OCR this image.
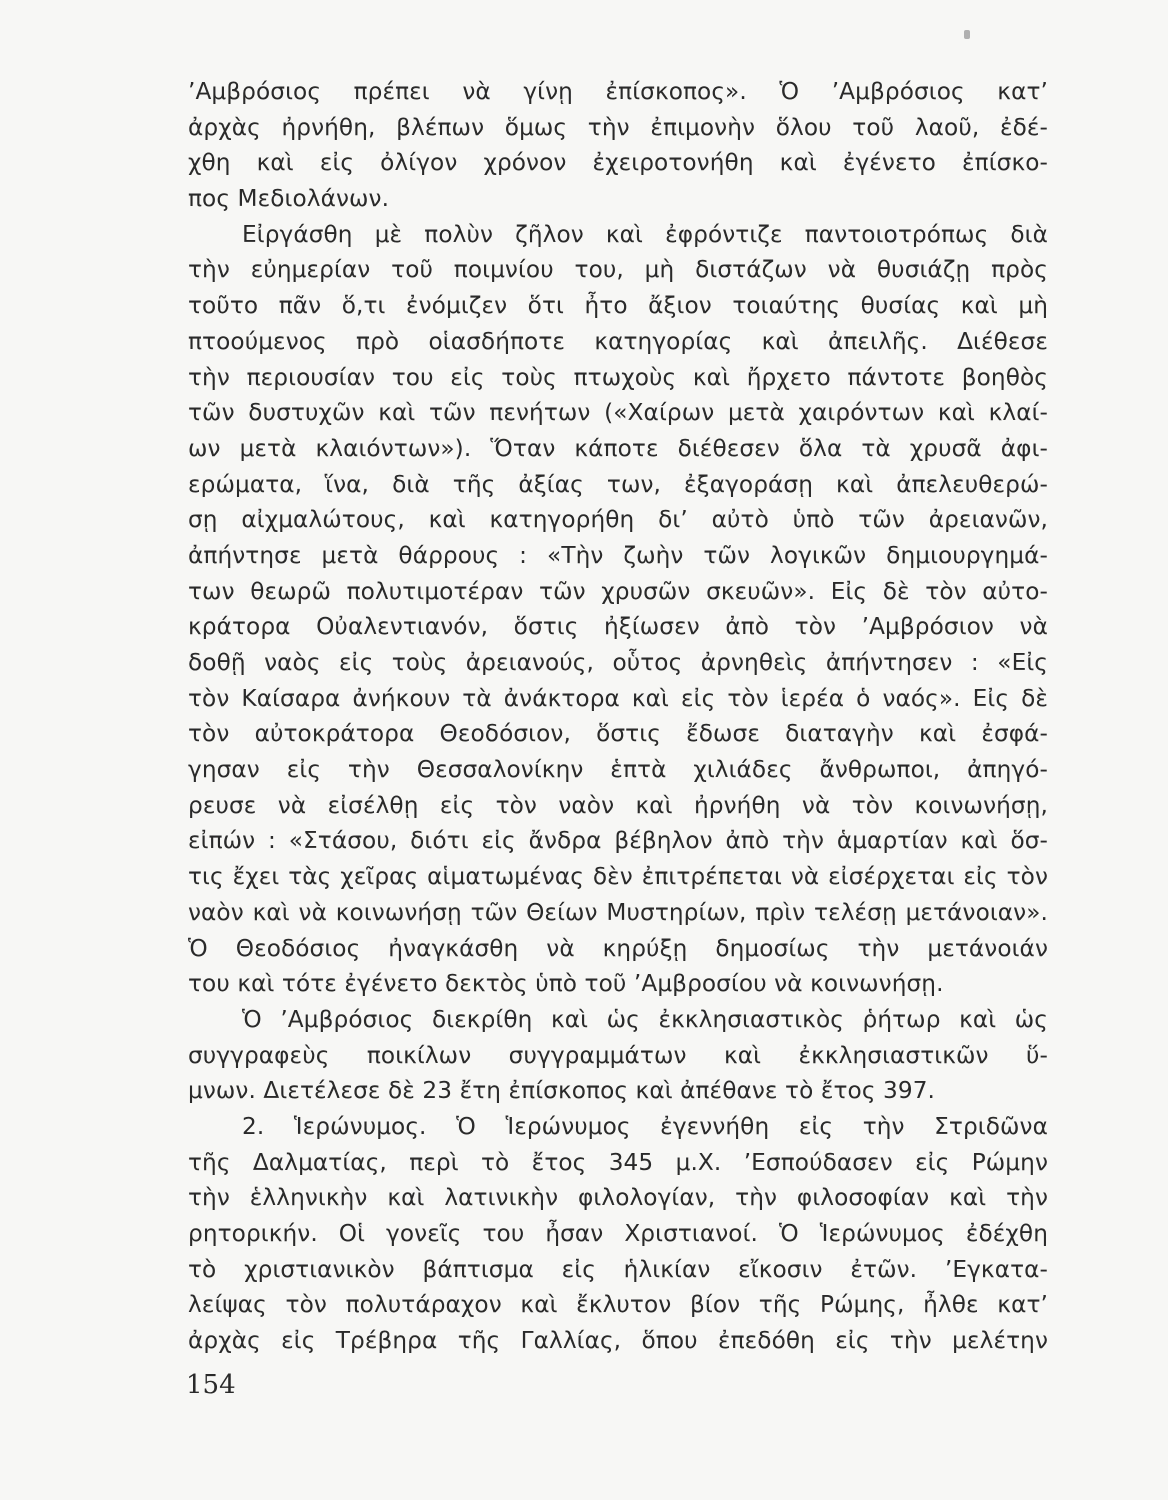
’Αμβρόσιος πρέπει νὰ γίνῃ ἐπίσκοπος». Ὁ ’Αμβρόσιος κατ’
ἀρχὰς ἠρνήθη, βλέπων ὅμως τὴν ἐπιμονὴν ὅλου τοῦ λαοῦ, ἐδέ-
χθη καὶ εἰς ὀλίγον χρόνον ἐχειροτονήθη καὶ ἐγένετο ἐπίσκο-
πος Μεδιολάνων.
Εἰργάσθη μὲ πολὺν ζῆλον καὶ ἐφρόντιζε παντοιοτρόπως διὰ
τὴν εὐημερίαν τοῦ ποιμνίου του, μὴ διστάζων νὰ θυσιάζῃ πρὸς
τοῦτο πᾶν ὅ,τι ἐνόμιζεν ὅτι ἦτο ἄξιον τοιαύτης θυσίας καὶ μὴ
πτοούμενος πρὸ οἱασδήποτε κατηγορίας καὶ ἀπειλῆς. Διέθεσε
τὴν περιουσίαν του εἰς τοὺς πτωχοὺς καὶ ἤρχετο πάντοτε βοηθὸς
τῶν δυστυχῶν καὶ τῶν πενήτων («Χαίρων μετὰ χαιρόντων καὶ κλαί-
ων μετὰ κλαιόντων»). Ὅταν κάποτε διέθεσεν ὅλα τὰ χρυσᾶ ἀφι-
ερώματα, ἵνα, διὰ τῆς ἀξίας των, ἐξαγοράσῃ καὶ ἀπελευθερώ-
σῃ αἰχμαλώτους, καὶ κατηγορήθη δι’ αὐτὸ ὑπὸ τῶν ἀρειανῶν,
ἀπήντησε μετὰ θάρρους : «Τὴν ζωὴν τῶν λογικῶν δημιουργημά-
των θεωρῶ πολυτιμοτέραν τῶν χρυσῶν σκευῶν». Εἰς δὲ τὸν αὐτο-
κράτορα Οὐαλεντιανόν, ὅστις ἠξίωσεν ἀπὸ τὸν ’Αμβρόσιον νὰ
δοθῇ ναὸς εἰς τοὺς ἀρειανούς, οὗτος ἀρνηθεὶς ἀπήντησεν : «Εἰς
τὸν Καίσαρα ἀνήκουν τὰ ἀνάκτορα καὶ εἰς τὸν ἱερέα ὁ ναός». Εἰς δὲ
τὸν αὐτοκράτορα Θεοδόσιον, ὅστις ἔδωσε διαταγὴν καὶ ἐσφά-
γησαν εἰς τὴν Θεσσαλονίκην ἑπτὰ χιλιάδες ἄνθρωποι, ἀπηγό-
ρευσε νὰ εἰσέλθῃ εἰς τὸν ναὸν καὶ ἠρνήθη νὰ τὸν κοινωνήσῃ,
εἰπών : «Στάσου, διότι εἰς ἄνδρα βέβηλον ἀπὸ τὴν ἁμαρτίαν καὶ ὅσ-
τις ἔχει τὰς χεῖρας αἱματωμένας δὲν ἐπιτρέπεται νὰ εἰσέρχεται εἰς τὸν
ναὸν καὶ νὰ κοινωνήσῃ τῶν Θείων Μυστηρίων, πρὶν τελέσῃ μετάνοιαν».
Ὁ Θεοδόσιος ἠναγκάσθη νὰ κηρύξῃ δημοσίως τὴν μετάνοιάν
του καὶ τότε ἐγένετο δεκτὸς ὑπὸ τοῦ ’Αμβροσίου νὰ κοινωνήσῃ.
Ὁ ’Αμβρόσιος διεκρίθη καὶ ὡς ἐκκλησιαστικὸς ῥήτωρ καὶ ὡς
συγγραφεὺς ποικίλων συγγραμμάτων καὶ ἐκκλησιαστικῶν ὕ-
μνων. Διετέλεσε δὲ 23 ἔτη ἐπίσκοπος καὶ ἀπέθανε τὸ ἔτος 397.
2. Ἱερώνυμος. Ὁ Ἱερώνυμος ἐγεννήθη εἰς τὴν Στριδῶνα
τῆς Δαλματίας, περὶ τὸ ἔτος 345 μ.Χ. ’Εσπούδασεν εἰς Ρώμην
τὴν ἑλληνικὴν καὶ λατινικὴν φιλολογίαν, τὴν φιλοσοφίαν καὶ τὴν
ρητορικήν. Οἱ γονεῖς του ἦσαν Χριστιανοί. Ὁ Ἱερώνυμος ἐδέχθη
τὸ χριστιανικὸν βάπτισμα εἰς ἡλικίαν εἴκοσιν ἐτῶν. ’Εγκατα-
λείψας τὸν πολυτάραχον καὶ ἔκλυτον βίον τῆς Ρώμης, ἦλθε κατ’
ἀρχὰς εἰς Τρέβηρα τῆς Γαλλίας, ὅπου ἐπεδόθη εἰς τὴν μελέτην
154
